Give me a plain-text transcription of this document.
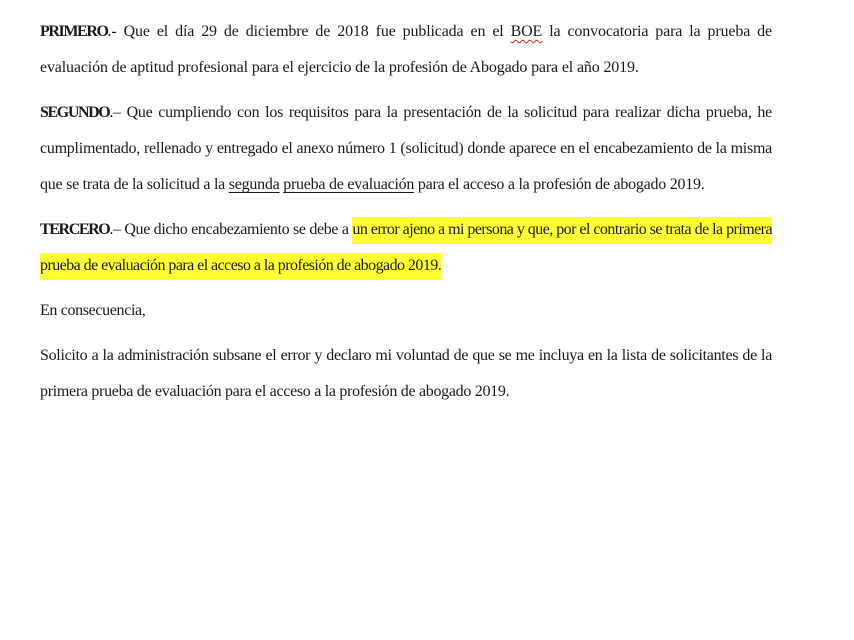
PRIMERO.- Que el día 29 de diciembre de 2018 fue publicada en el BOE la convocatoria para la prueba de evaluación de aptitud profesional para el ejercicio de la profesión de Abogado para el año 2019.

SEGUNDO.– Que cumpliendo con los requisitos para la presentación de la solicitud para realizar dicha prueba, he cumplimentado, rellenado y entregado el anexo número 1 (solicitud) donde aparece en el encabezamiento de la misma que se trata de la solicitud a la segunda prueba de evaluación para el acceso a la profesión de abogado 2019.

TERCERO.– Que dicho encabezamiento se debe a un error ajeno a mi persona y que, por el contrario se trata de la primera prueba de evaluación para el acceso a la profesión de abogado 2019.

En consecuencia,

Solicito a la administración subsane el error y declaro mi voluntad de que se me incluya en la lista de solicitantes de la primera prueba de evaluación para el acceso a la profesión de abogado 2019.
